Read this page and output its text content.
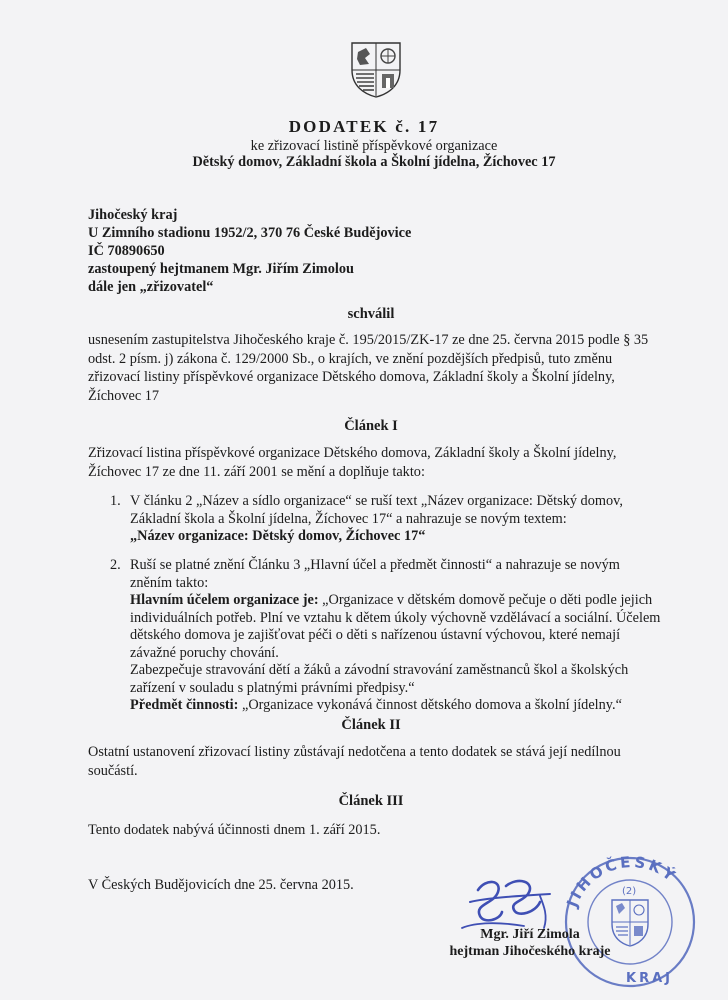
DODATEK č. 17
ke zřizovací listině příspěvkové organizace
Dětský domov, Základní škola a Školní jídelna, Žíchovec 17
Jihočeský kraj
U Zimního stadionu 1952/2, 370 76 České Budějovice
IČ 70890650
zastoupený hejtmanem Mgr. Jiřím Zimolou
dále jen „zřizovatel“
schválil
usnesením zastupitelstva Jihočeského kraje č. 195/2015/ZK-17 ze dne 25. června 2015 podle § 35
odst. 2 písm. j) zákona č. 129/2000 Sb., o krajích, ve znění pozdějších předpisů, tuto změnu
zřizovací listiny příspěvkové organizace Dětského domova, Základní školy a Školní jídelny,
Žíchovec 17
Článek I
Zřizovací listina příspěvkové organizace Dětského domova, Základní školy a Školní jídelny,
Žíchovec 17 ze dne 11. září 2001 se mění a doplňuje takto:
1. V článku 2 „Název a sídlo organizace“ se ruší text „Název organizace: Dětský domov,
Základní škola a Školní jídelna, Žíchovec 17“ a nahrazuje se novým textem:
„Název organizace: Dětský domov, Žíchovec 17“
2. Ruší se platné znění Článku 3 „Hlavní účel a předmět činnosti“ a nahrazuje se novým
zněním takto:
Hlavním účelem organizace je: „Organizace v dětském domově pečuje o děti podle jejich
individuálních potřeb. Plní ve vztahu k dětem úkoly výchovně vzdělávací a sociální. Účelem
dětského domova je zajišťovat péči o děti s nařízenou ústavní výchovou, které nemají
závažné poruchy chování.
Zabezpečuje stravování dětí a žáků a závodní stravování zaměstnanců škol a školských
zařízení v souladu s platnými právními předpisy.“
Předmět činnosti: „Organizace vykonává činnost dětského domova a školní jídelny.“
Článek II
Ostatní ustanovení zřizovací listiny zůstávají nedotčena a tento dodatek se stává její nedílnou
součástí.
Článek III
Tento dodatek nabývá účinnosti dnem 1. září 2015.
V Českých Budějovicích dne 25. června 2015.
JIHOČESKÝ
(2)
KRAJ
Mgr. Jiří Zimola
hejtman Jihočeského kraje
